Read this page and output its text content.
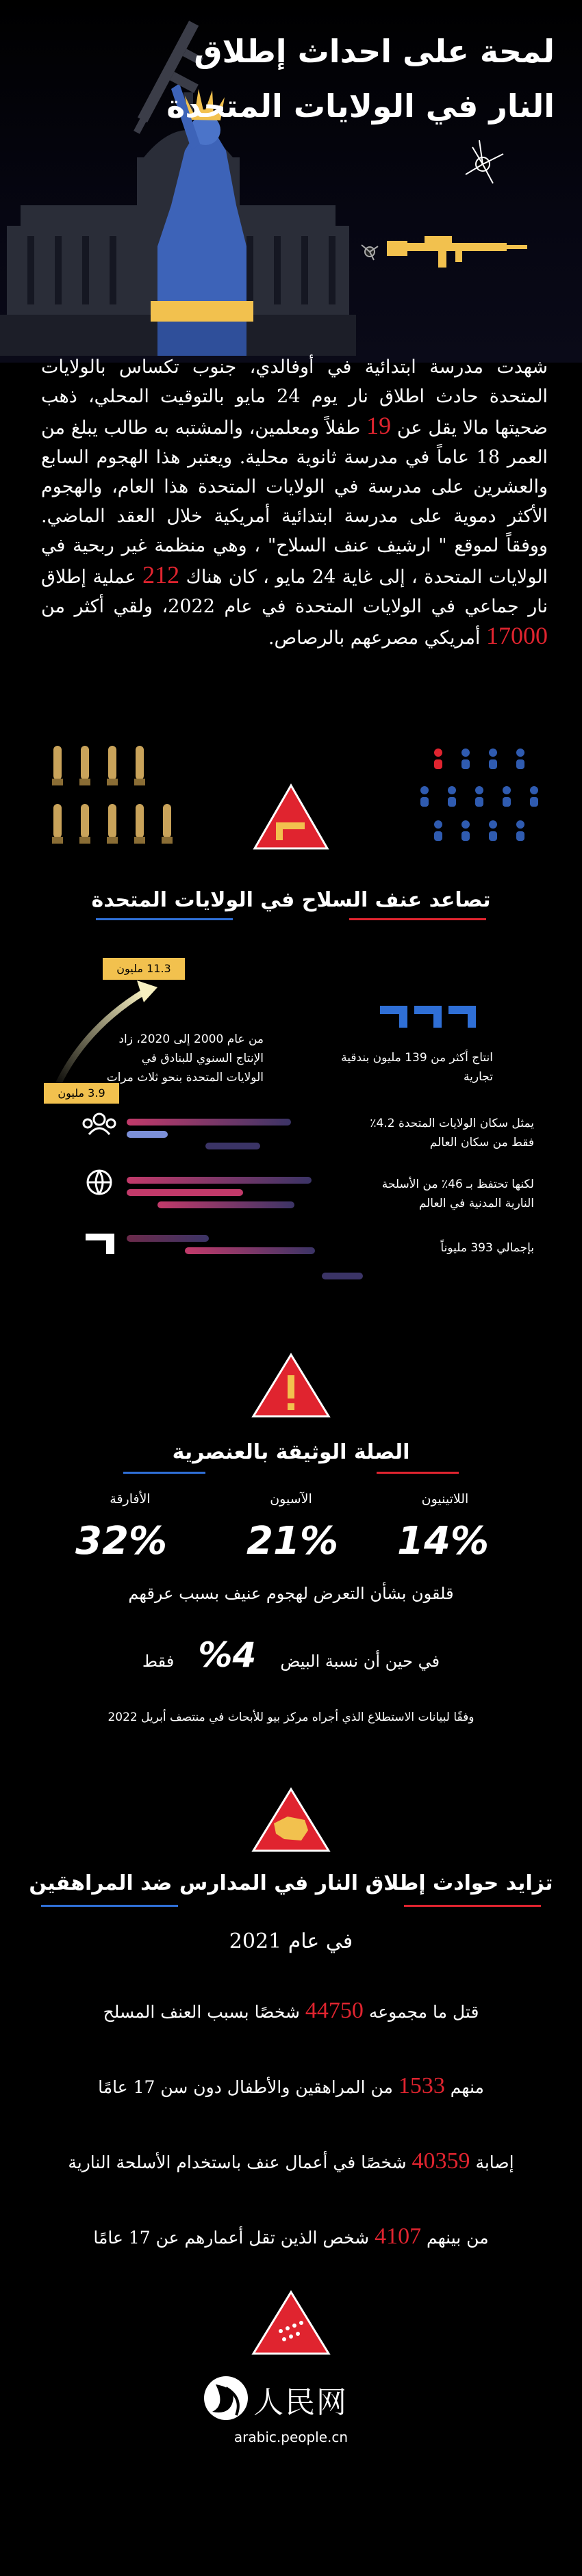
لمحة على احداث إطلاق
النار في الولايات المتحدة
شهدت مدرسة ابتدائية في أوفالدي، جنوب تكساس بالولايات المتحدة حادث اطلاق نار يوم 24 مايو بالتوقيت المحلي، ذهب ضحيتها مالا يقل عن 19 طفلاً ومعلمين، والمشتبه به طالب يبلغ من العمر 18 عاماً في مدرسة ثانوية محلية. ويعتبر هذا الهجوم السابع والعشرين على مدرسة في الولايات المتحدة هذا العام، والهجوم الأكثر دموية على مدرسة ابتدائية أمريكية خلال العقد الماضي. ووفقاً لموقع " ارشيف عنف السلاح" ، وهي منظمة غير ربحية في الولايات المتحدة ، إلى غاية 24 مايو ، كان هناك 212 عملية إطلاق نار جماعي في الولايات المتحدة في عام 2022، ولقي أكثر من 17000 أمريكي مصرعهم بالرصاص.
تصاعد عنف السلاح في الولايات المتحدة
11.3 مليون
3.9 مليون
من عام 2000 إلى 2020، زاد الإنتاج السنوي للبنادق في الولايات المتحدة بنحو ثلاث مرات
انتاج أكثر من 139 مليون بندقية تجارية
يمثل سكان الولايات المتحدة 4.2٪ فقط من سكان العالم
لكنها تحتفظ بـ 46٪ من الأسلحة النارية المدنية في العالم
بإجمالي 393 مليوناً
الصلة الوثيقة بالعنصرية
الأفارقة	الآسيون	اللاتينيون
32% 21% 14%
قلقون بشأن التعرض لهجوم عنيف بسبب عرقهم
في حين أن نسبة البيض 4% فقط
وفقًا لبيانات الاستطلاع الذي أجراه مركز بيو للأبحاث في منتصف أبريل 2022
تزايد حوادث إطلاق النار في المدارس ضد المراهقين
في عام 2021
قتل ما مجموعه 44750 شخصًا بسبب العنف المسلح
منهم 1533 من المراهقين والأطفال دون سن 17 عامًا
إصابة 40359 شخصًا في أعمال عنف باستخدام الأسلحة النارية
من بينهم 4107 شخص الذين تقل أعمارهم عن 17 عامًا
人民网
arabic.people.cn
